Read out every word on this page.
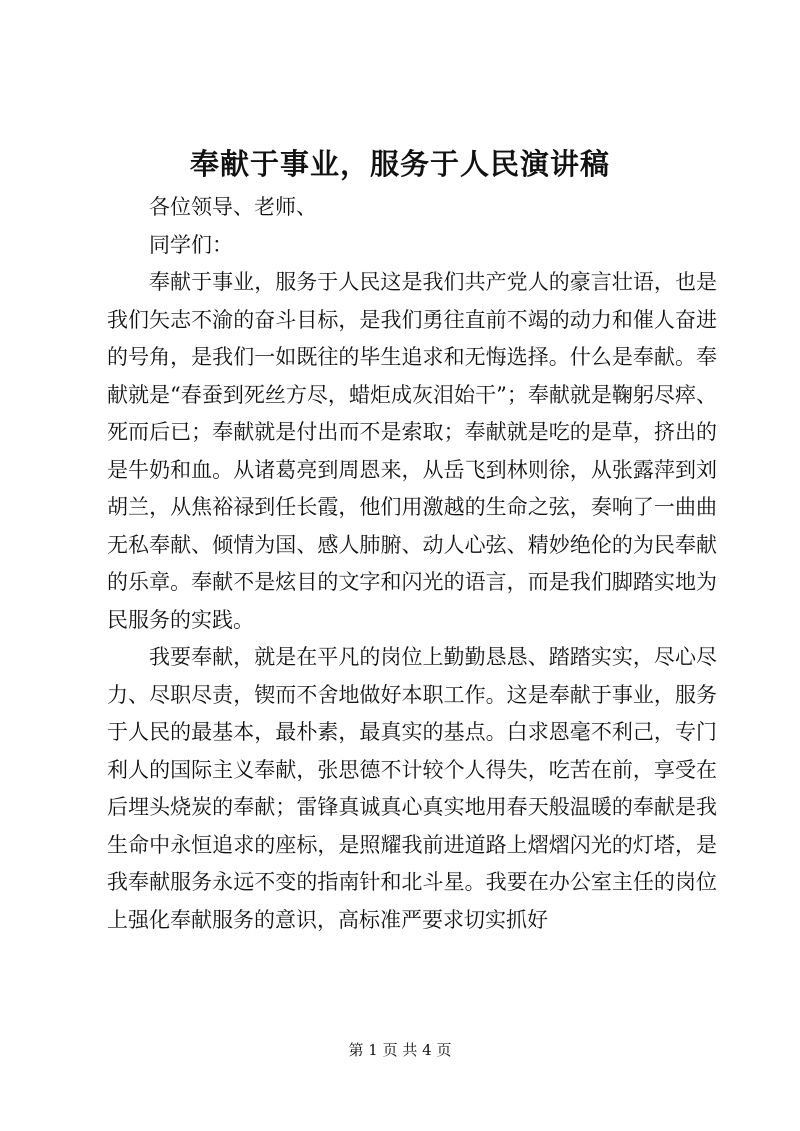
奉献于事业，服务于人民演讲稿

各位领导、老师、

同学们：

奉献于事业，服务于人民这是我们共产党人的豪言壮语，也是我们矢志不渝的奋斗目标，是我们勇往直前不竭的动力和催人奋进的号角，是我们一如既往的毕生追求和无悔选择。什么是奉献。奉献就是“春蚕到死丝方尽，蜡炬成灰泪始干”；奉献就是鞠躬尽瘁、死而后已；奉献就是付出而不是索取；奉献就是吃的是草，挤出的是牛奶和血。从诸葛亮到周恩来，从岳飞到林则徐，从张露萍到刘胡兰，从焦裕禄到任长霞，他们用激越的生命之弦，奏响了一曲曲无私奉献、倾情为国、感人肺腑、动人心弦、精妙绝伦的为民奉献的乐章。奉献不是炫目的文字和闪光的语言，而是我们脚踏实地为民服务的实践。

我要奉献，就是在平凡的岗位上勤勤恳恳、踏踏实实，尽心尽力、尽职尽责，锲而不舍地做好本职工作。这是奉献于事业，服务于人民的最基本，最朴素，最真实的基点。白求恩毫不利己，专门利人的国际主义奉献，张思德不计较个人得失，吃苦在前，享受在后埋头烧炭的奉献；雷锋真诚真心真实地用春天般温暖的奉献是我生命中永恒追求的座标，是照耀我前进道路上熠熠闪光的灯塔，是我奉献服务永远不变的指南针和北斗星。我要在办公室主任的岗位上强化奉献服务的意识，高标准严要求切实抓好

第 1 页 共 4 页
